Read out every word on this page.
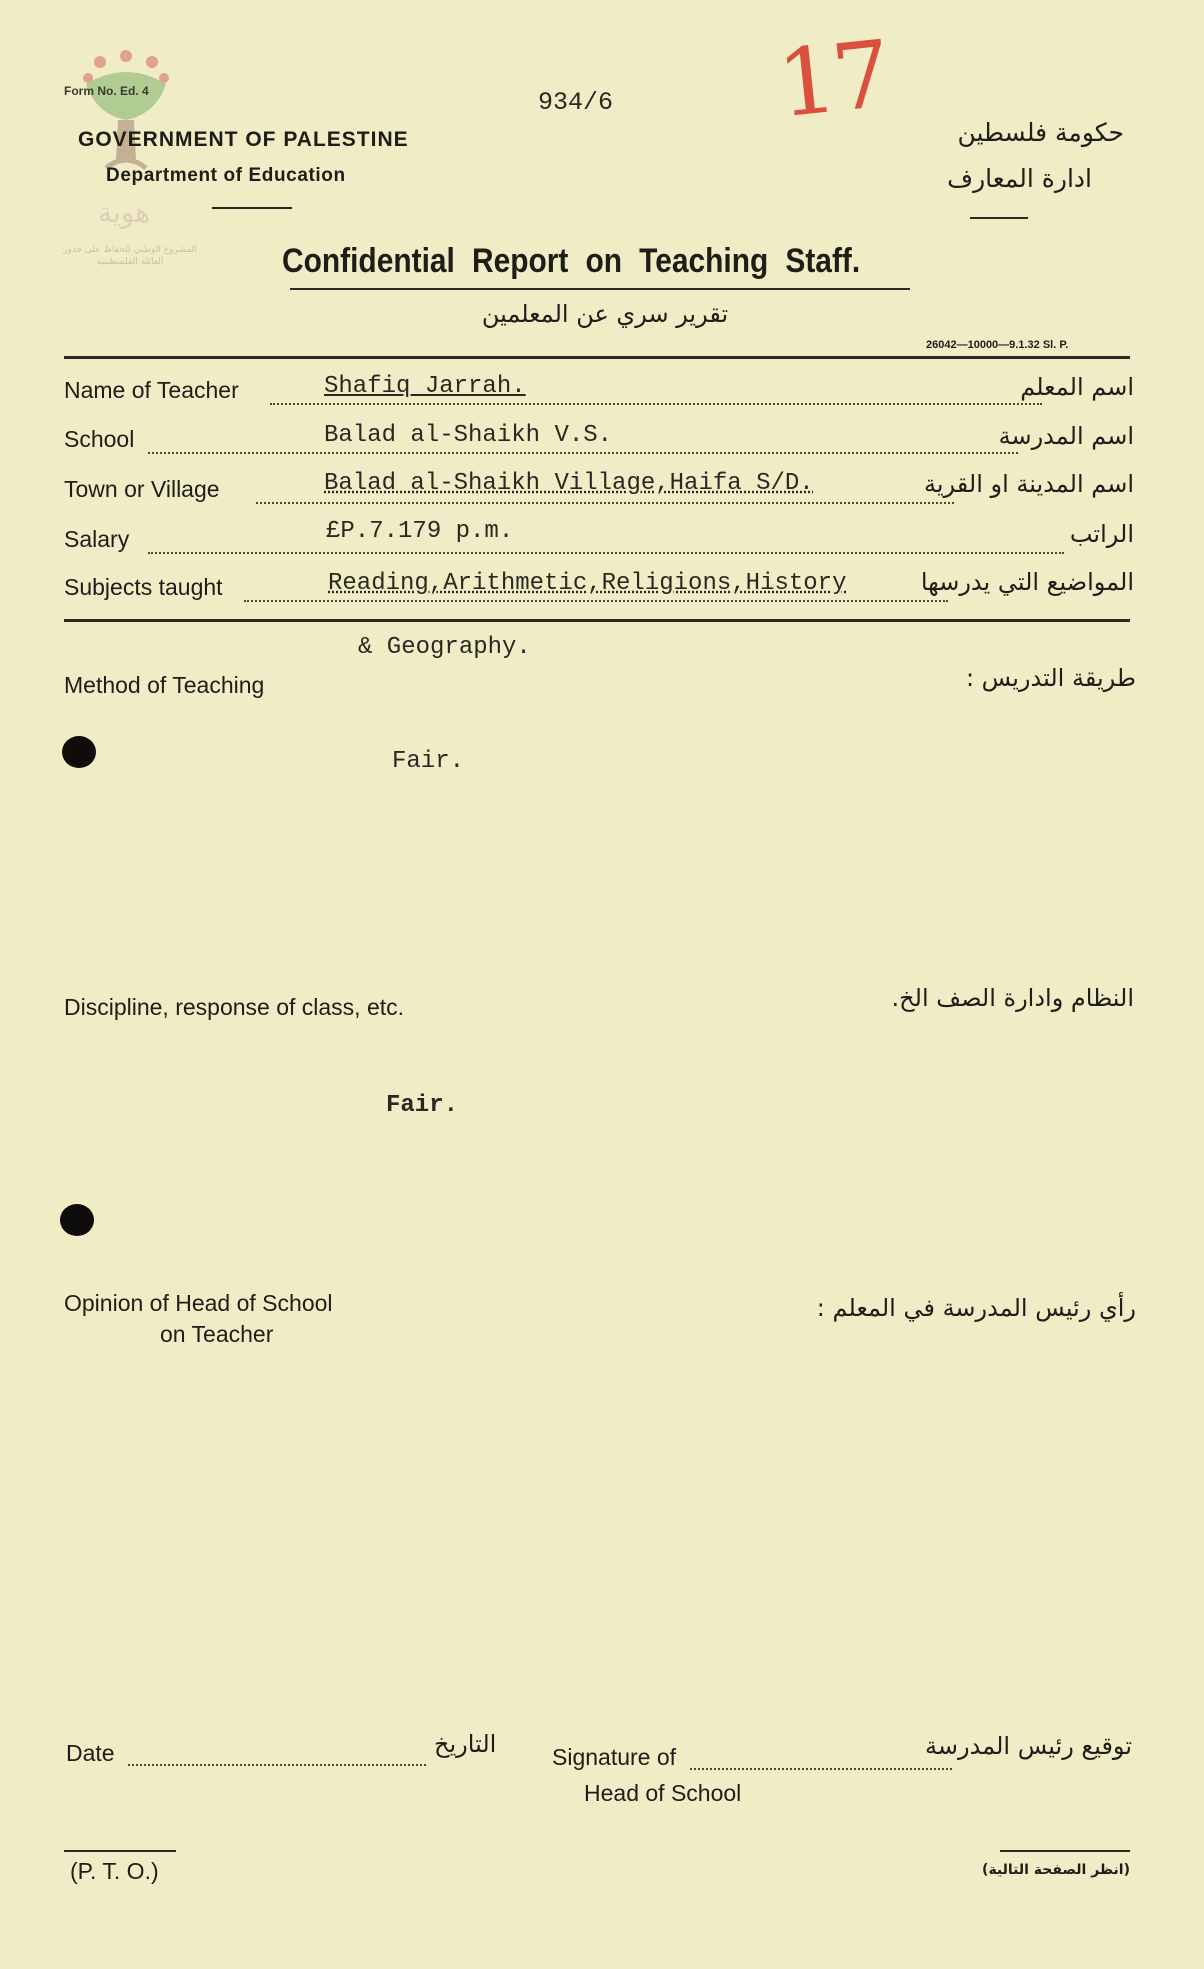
Form No. Ed. 4
هوية
المشروع الوطني للحفاظ على جذور العائلة الفلسطينية
934/6 17
GOVERNMENT OF PALESTINE
Department of Education
حكومة فلسطين
ادارة المعارف
Confidential Report on Teaching Staff.
تقرير سري عن المعلمين
26042—10000—9.1.32 Sl. P.
Name of Teacher	Shafiq Jarrah.	اسم المعلم
School	Balad al-Shaikh V.S.	اسم المدرسة
Town or Village	Balad al-Shaikh Village,Haifa S/D.	اسم المدينة او القرية
Salary	£P.7.179 p.m.	الراتب
Subjects taught	Reading,Arithmetic,Religions,History	المواضيع التي يدرسها
& Geography.
Method of Teaching	طريقة التدريس :
Fair.
Discipline, response of class, etc.	النظام وادارة الصف الخ.
Fair.
Opinion of Head of School
on Teacher
رأي رئيس المدرسة في المعلم :
Date	التاريخ Signature of	توقيع رئيس المدرسة
Head of School
(P. T. O.)	(انظر الصفحة التالية)
